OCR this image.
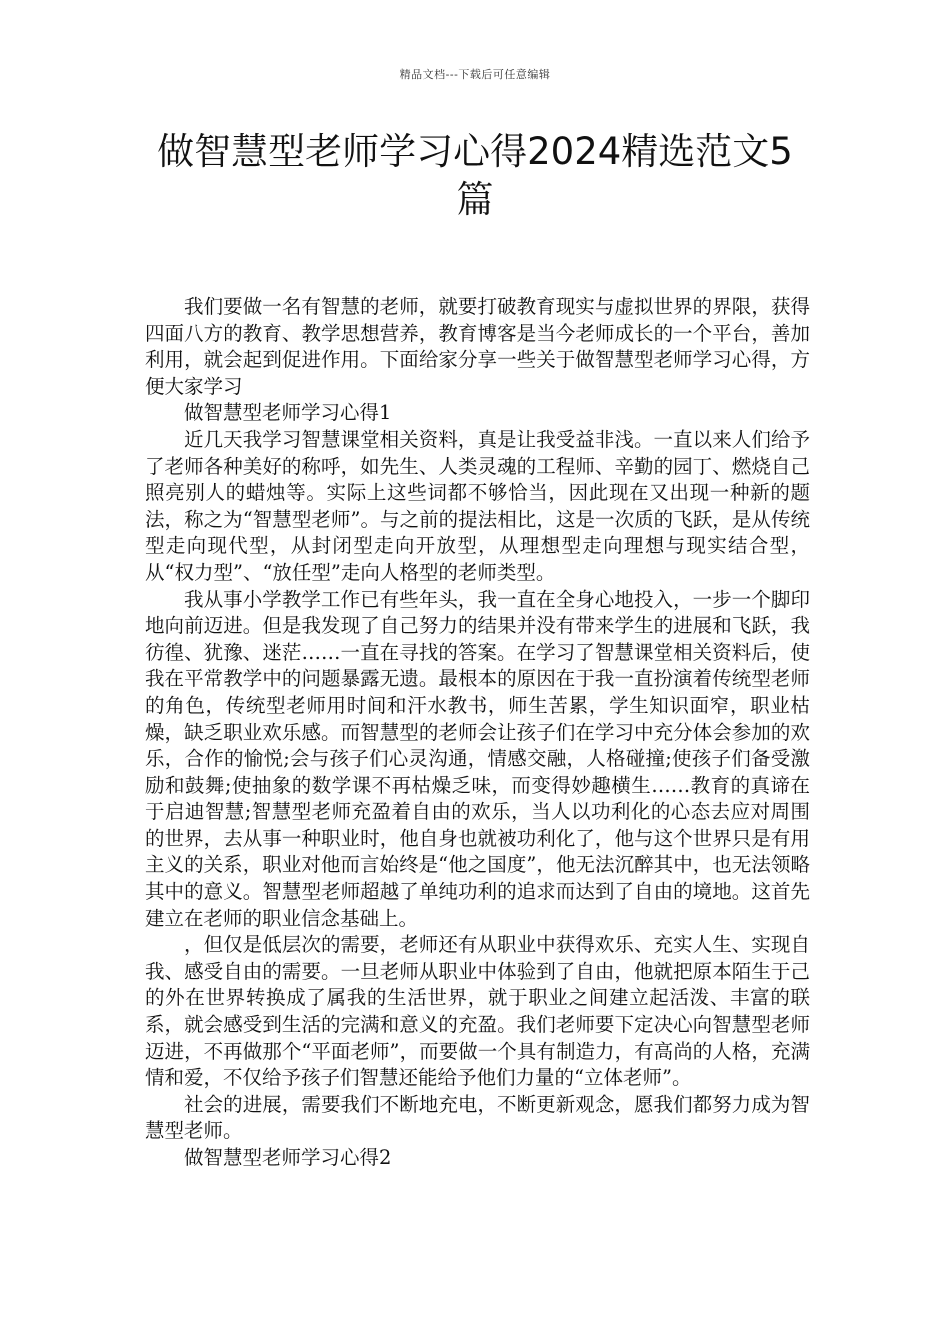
精品文档---下载后可任意编辑
做智慧型老师学习心得2024精选范文5篇

我们要做一名有智慧的老师，就要打破教育现实与虚拟世界的界限，获得四面八方的教育、教学思想营养，教育博客是当今老师成长的一个平台，善加利用，就会起到促进作用。下面给家分享一些关于做智慧型老师学习心得，方便大家学习

做智慧型老师学习心得1

近几天我学习智慧课堂相关资料，真是让我受益非浅。一直以来人们给予了老师各种美好的称呼，如先生、人类灵魂的工程师、辛勤的园丁、燃烧自己照亮别人的蜡烛等。实际上这些词都不够恰当，因此现在又出现一种新的题法，称之为“智慧型老师”。与之前的提法相比，这是一次质的飞跃，是从传统型走向现代型，从封闭型走向开放型，从理想型走向理想与现实结合型，从“权力型”、“放任型”走向人格型的老师类型。

我从事小学教学工作已有些年头，我一直在全身心地投入，一步一个脚印地向前迈进。但是我发现了自己努力的结果并没有带来学生的进展和飞跃，我彷徨、犹豫、迷茫……一直在寻找的答案。在学习了智慧课堂相关资料后，使我在平常教学中的问题暴露无遗。最根本的原因在于我一直扮演着传统型老师的角色，传统型老师用时间和汗水教书，师生苦累，学生知识面窄，职业枯燥，缺乏职业欢乐感。而智慧型的老师会让孩子们在学习中充分体会参加的欢乐，合作的愉悦;会与孩子们心灵沟通，情感交融，人格碰撞;使孩子们备受激励和鼓舞;使抽象的数学课不再枯燥乏味，而变得妙趣横生……教育的真谛在于启迪智慧;智慧型老师充盈着自由的欢乐，当人以功利化的心态去应对周围的世界，去从事一种职业时，他自身也就被功利化了，他与这个世界只是有用主义的关系，职业对他而言始终是“他之国度”，他无法沉醉其中，也无法领略其中的意义。智慧型老师超越了单纯功利的追求而达到了自由的境地。这首先建立在老师的职业信念基础上。

，但仅是低层次的需要，老师还有从职业中获得欢乐、充实人生、实现自我、感受自由的需要。一旦老师从职业中体验到了自由，他就把原本陌生于己的外在世界转换成了属我的生活世界，就于职业之间建立起活泼、丰富的联系，就会感受到生活的完满和意义的充盈。我们老师要下定决心向智慧型老师迈进，不再做那个“平面老师”，而要做一个具有制造力，有高尚的人格，充满情和爱，不仅给予孩子们智慧还能给予他们力量的“立体老师”。

社会的进展，需要我们不断地充电，不断更新观念，愿我们都努力成为智慧型老师。

做智慧型老师学习心得2
